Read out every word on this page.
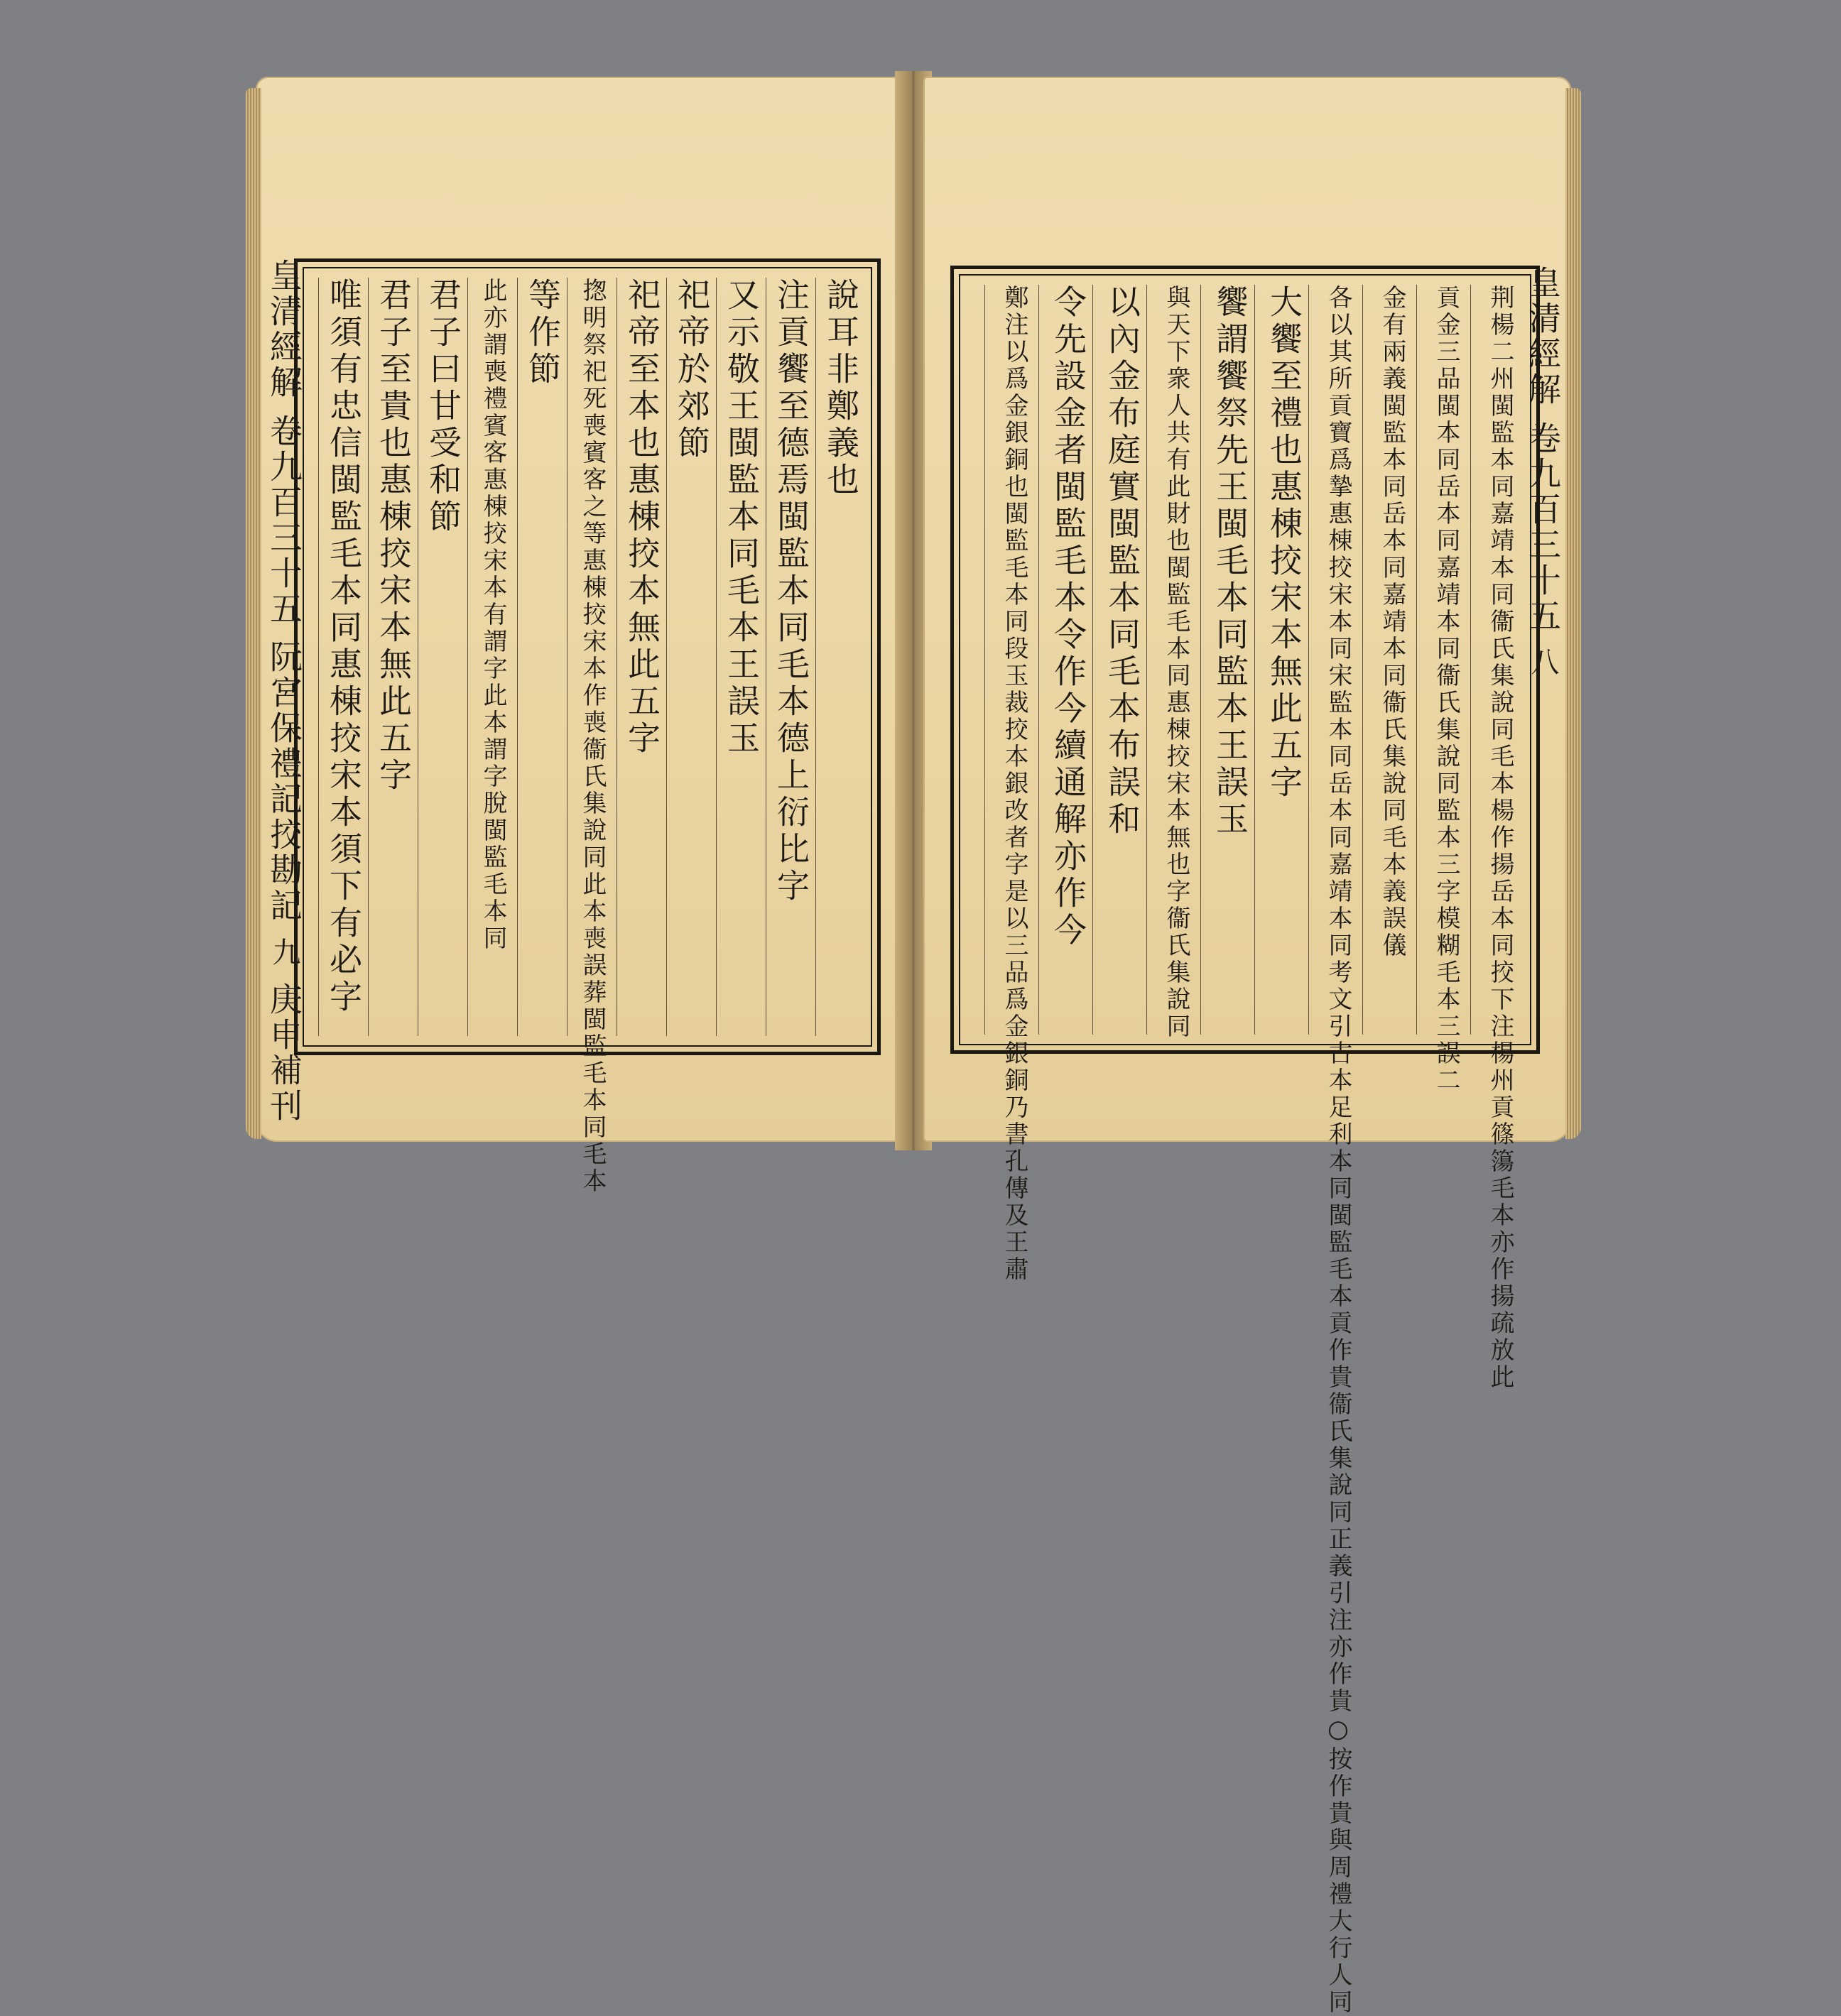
說耳非鄭義也
注貢饗至德焉閩監本同毛本德上衍比字
又示敬王閩監本同毛本王誤玉
祀帝於郊節
祀帝至本也惠棟挍本無此五字
揔明祭祀死喪賓客之等惠棟挍宋本作喪衞氏集說同此本喪誤葬閩監毛本同毛本
等作節
此亦謂喪禮賓客惠棟挍宋本有謂字此本謂字脫閩監毛本同
君子曰甘受和節
君子至貴也惠棟挍宋本無此五字
唯須有忠信閩監毛本同惠棟挍宋本須下有必字
皇清經解 卷九百三十五 阮宮保禮記挍勘記 九 庚申補刊	荆楊二州閩監本同嘉靖本同衞氏集說同毛本楊作揚岳本同挍下注楊州貢篠簜毛本亦作揚疏放此
貢金三品閩本同岳本同嘉靖本同衞氏集說同監本三字模糊毛本三誤二
金有兩義閩監本同岳本同嘉靖本同衞氏集說同毛本義誤儀
各以其所貢寶爲摯惠棟挍宋本同宋監本同岳本同嘉靖本同考文引古本足利本同閩監毛本貢作貴衞氏集說同正義引注亦作貴○按作貴與周禮大行人同
大饗至禮也惠棟挍宋本無此五字
饗謂饗祭先王閩毛本同監本王誤玉
與天下衆人共有此財也閩監毛本同惠棟挍宋本無也字衞氏集說同
以內金布庭實閩監本同毛本布誤和
令先設金者閩監毛本令作今續通解亦作今
鄭注以爲金銀銅也閩監毛本同段玉裁挍本銀改者字是以三品爲金銀銅乃書孔傳及王肅	皇清經解 卷九百三十五 八
